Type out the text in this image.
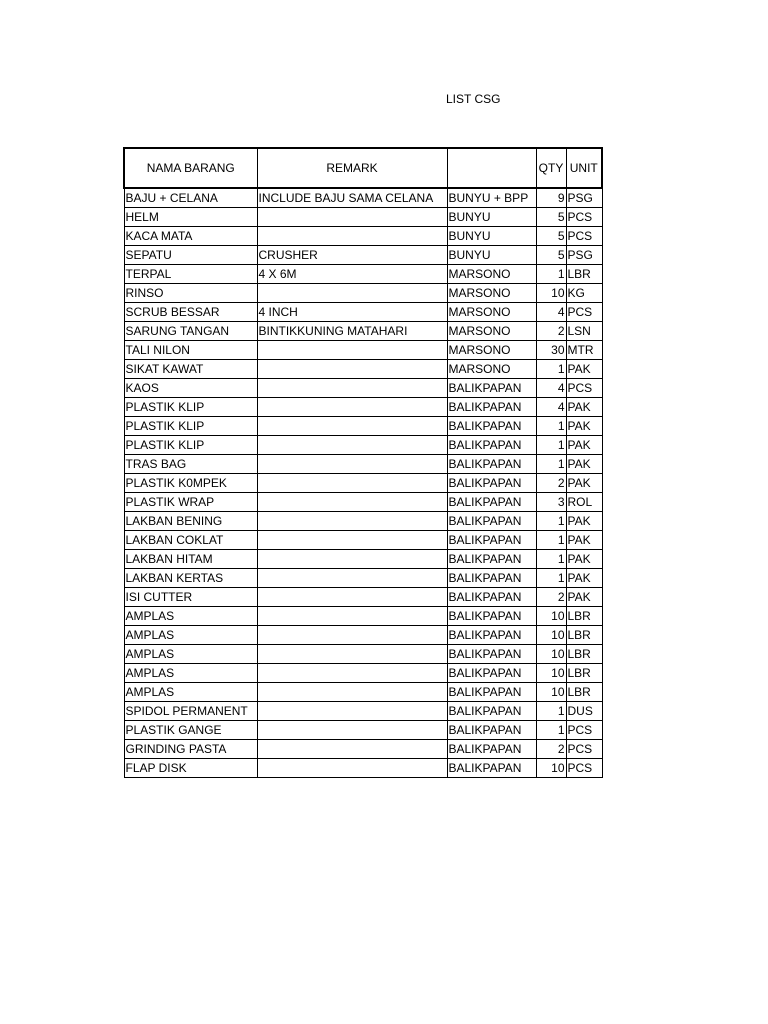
LIST CSG
NAMA BARANG	REMARK		QTY	UNIT
BAJU + CELANA	INCLUDE BAJU SAMA CELANA	BUNYU + BPP	9	PSG
HELM		BUNYU	5	PCS
KACA MATA		BUNYU	5	PCS
SEPATU	CRUSHER	BUNYU	5	PSG
TERPAL	4 X 6M	MARSONO	1	LBR
RINSO		MARSONO	10	KG
SCRUB BESSAR	4 INCH	MARSONO	4	PCS
SARUNG TANGAN	BINTIKKUNING MATAHARI	MARSONO	2	LSN
TALI NILON		MARSONO	30	MTR
SIKAT KAWAT		MARSONO	1	PAK
KAOS		BALIKPAPAN	4	PCS
PLASTIK KLIP		BALIKPAPAN	4	PAK
PLASTIK KLIP		BALIKPAPAN	1	PAK
PLASTIK KLIP		BALIKPAPAN	1	PAK
TRAS BAG		BALIKPAPAN	1	PAK
PLASTIK K0MPEK		BALIKPAPAN	2	PAK
PLASTIK WRAP		BALIKPAPAN	3	ROL
LAKBAN BENING		BALIKPAPAN	1	PAK
LAKBAN COKLAT		BALIKPAPAN	1	PAK
LAKBAN HITAM		BALIKPAPAN	1	PAK
LAKBAN KERTAS		BALIKPAPAN	1	PAK
ISI CUTTER		BALIKPAPAN	2	PAK
AMPLAS		BALIKPAPAN	10	LBR
AMPLAS		BALIKPAPAN	10	LBR
AMPLAS		BALIKPAPAN	10	LBR
AMPLAS		BALIKPAPAN	10	LBR
AMPLAS		BALIKPAPAN	10	LBR
SPIDOL PERMANENT		BALIKPAPAN	1	DUS
PLASTIK GANGE		BALIKPAPAN	1	PCS
GRINDING PASTA		BALIKPAPAN	2	PCS
FLAP DISK		BALIKPAPAN	10	PCS
